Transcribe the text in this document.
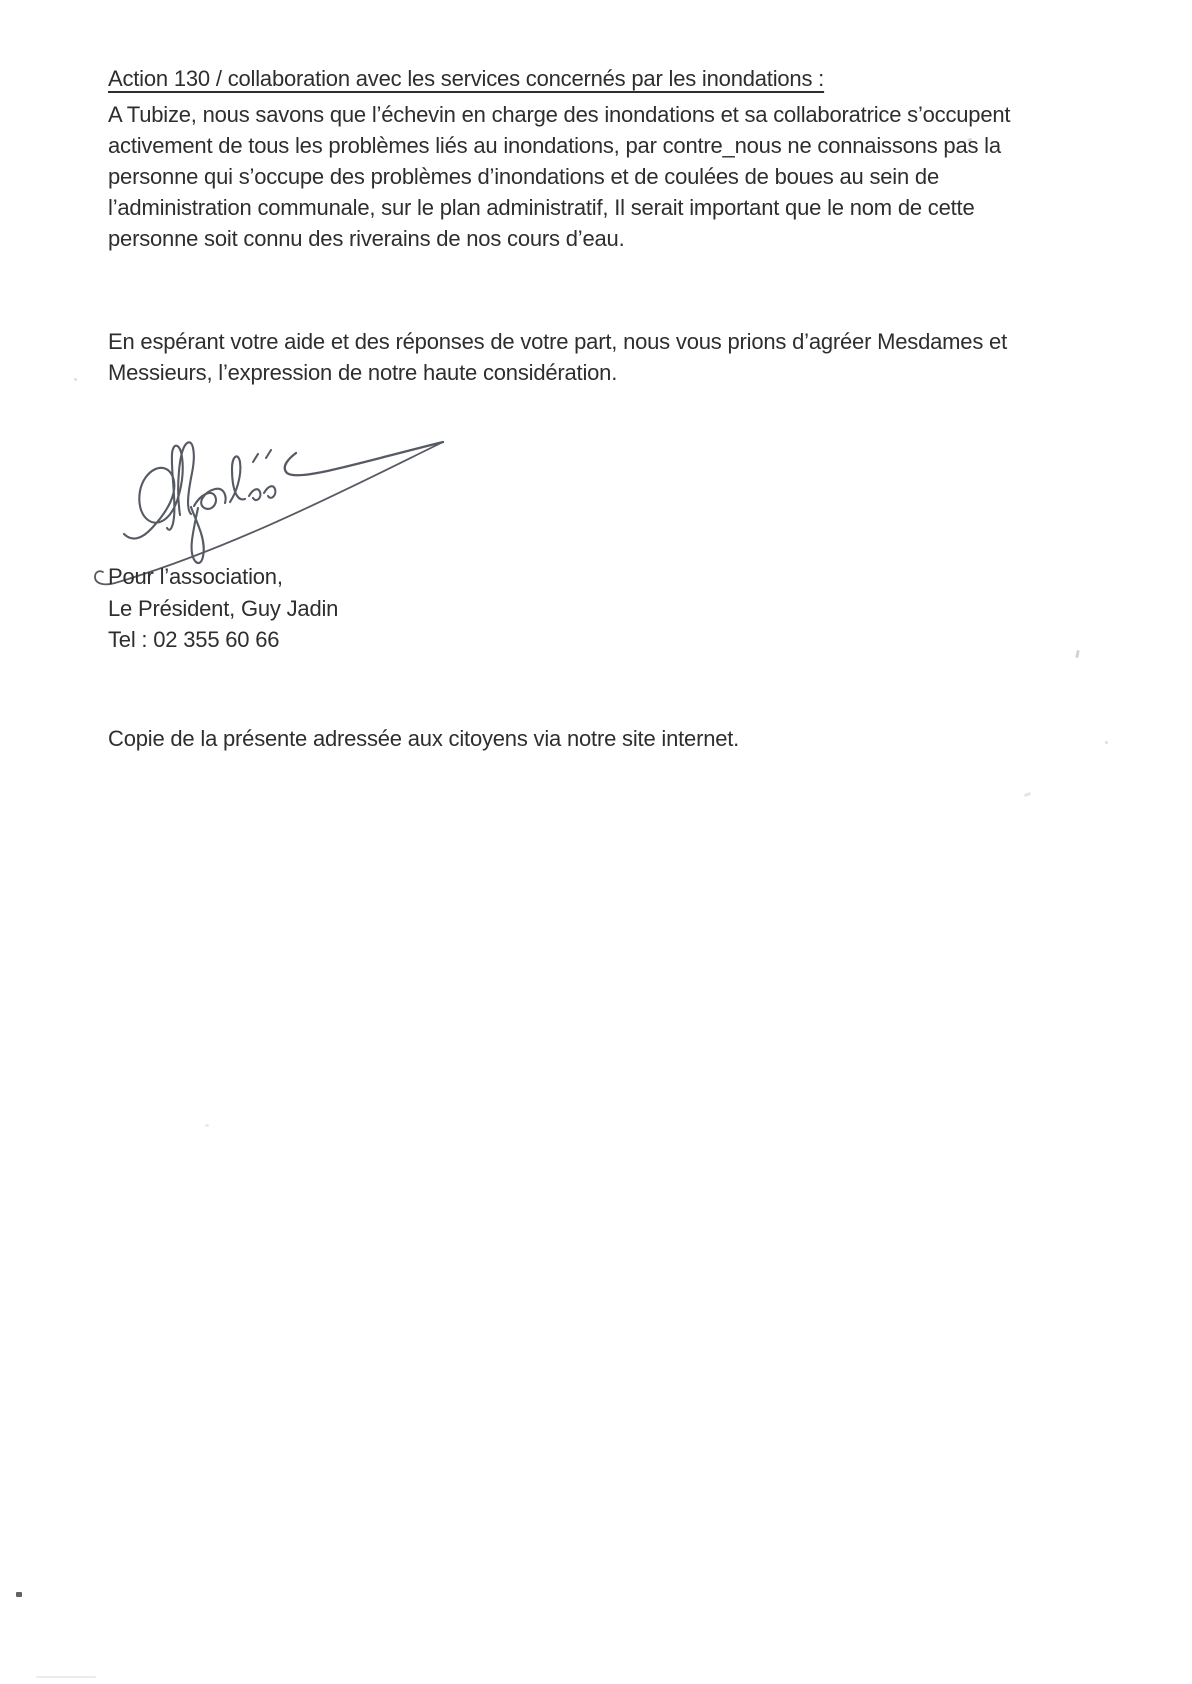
Action 130 / collaboration avec les services concernés par les inondations :
A Tubize, nous savons que l’échevin en charge des inondations et sa collaboratrice s’occupent
activement de tous les problèmes liés au inondations, par contre_nous ne connaissons pas la
personne qui s’occupe des problèmes d’inondations et de coulées de boues au sein de
l’administration communale, sur le plan administratif, Il serait important que le nom de cette
personne soit connu des riverains de nos cours d’eau.
En espérant votre aide et des réponses de votre part, nous vous prions d’agréer Mesdames et
Messieurs, l’expression de notre haute considération.
Pour l’association,
Le Président, Guy Jadin
Tel : 02 355 60 66
Copie de la présente adressée aux citoyens via notre site internet.
